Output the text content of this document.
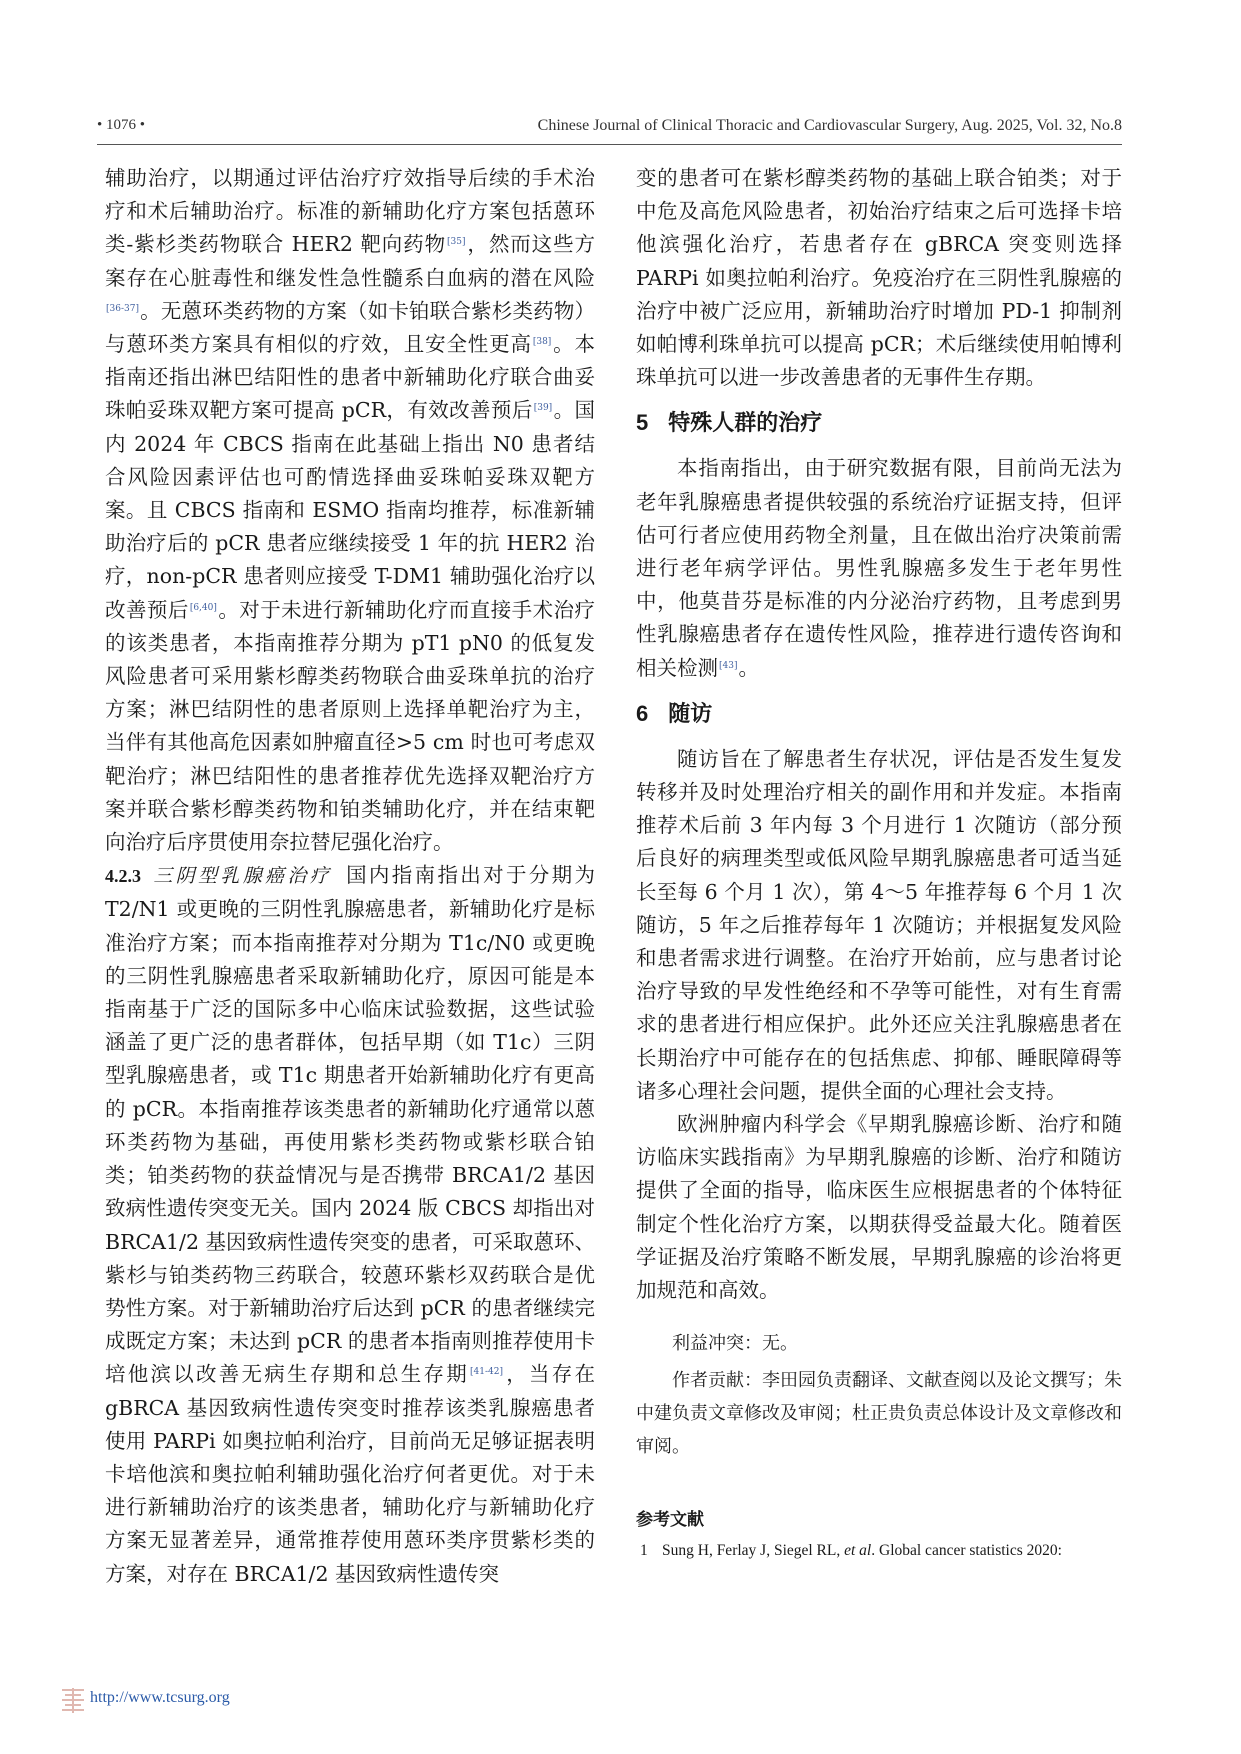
• 1076 •	Chinese Journal of Clinical Thoracic and Cardiovascular Surgery, Aug. 2025, Vol. 32, No.8

辅助治疗，以期通过评估治疗疗效指导后续的手术治疗和术后辅助治疗。标准的新辅助化疗方案包括蒽环类-紫杉类药物联合 HER2 靶向药物[35]，然而这些方案存在心脏毒性和继发性急性髓系白血病的潜在风险[36-37]。无蒽环类药物的方案（如卡铂联合紫杉类药物）与蒽环类方案具有相似的疗效，且安全性更高[38]。本指南还指出淋巴结阳性的患者中新辅助化疗联合曲妥珠帕妥珠双靶方案可提高 pCR，有效改善预后[39]。国内 2024 年 CBCS 指南在此基础上指出 N0 患者结合风险因素评估也可酌情选择曲妥珠帕妥珠双靶方案。且 CBCS 指南和 ESMO 指南均推荐，标准新辅助治疗后的 pCR 患者应继续接受 1 年的抗 HER2 治疗，non-pCR 患者则应接受 T-DM1 辅助强化治疗以改善预后[6,40]。对于未进行新辅助化疗而直接手术治疗的该类患者，本指南推荐分期为 pT1 pN0 的低复发风险患者可采用紫杉醇类药物联合曲妥珠单抗的治疗方案；淋巴结阴性的患者原则上选择单靶治疗为主，当伴有其他高危因素如肿瘤直径>5 cm 时也可考虑双靶治疗；淋巴结阳性的患者推荐优先选择双靶治疗方案并联合紫杉醇类药物和铂类辅助化疗，并在结束靶向治疗后序贯使用奈拉替尼强化治疗。

4.2.3 三阴型乳腺癌治疗 国内指南指出对于分期为 T2/N1 或更晚的三阴性乳腺癌患者，新辅助化疗是标准治疗方案；而本指南推荐对分期为 T1c/N0 或更晚的三阴性乳腺癌患者采取新辅助化疗，原因可能是本指南基于广泛的国际多中心临床试验数据，这些试验涵盖了更广泛的患者群体，包括早期（如 T1c）三阴型乳腺癌患者，或 T1c 期患者开始新辅助化疗有更高的 pCR。本指南推荐该类患者的新辅助化疗通常以蒽环类药物为基础，再使用紫杉类药物或紫杉联合铂类；铂类药物的获益情况与是否携带 BRCA1/2 基因致病性遗传突变无关。国内 2024 版 CBCS 却指出对 BRCA1/2 基因致病性遗传突变的患者，可采取蒽环、紫杉与铂类药物三药联合，较蒽环紫杉双药联合是优势性方案。对于新辅助治疗后达到 pCR 的患者继续完成既定方案；未达到 pCR 的患者本指南则推荐使用卡培他滨以改善无病生存期和总生存期[41-42]，当存在 gBRCA 基因致病性遗传突变时推荐该类乳腺癌患者使用 PARPi 如奥拉帕利治疗，目前尚无足够证据表明卡培他滨和奥拉帕利辅助强化治疗何者更优。对于未进行新辅助治疗的该类患者，辅助化疗与新辅助化疗方案无显著差异，通常推荐使用蒽环类序贯紫杉类的方案，对存在 BRCA1/2 基因致病性遗传突

变的患者可在紫杉醇类药物的基础上联合铂类；对于中危及高危风险患者，初始治疗结束之后可选择卡培他滨强化治疗，若患者存在 gBRCA 突变则选择 PARPi 如奥拉帕利治疗。免疫治疗在三阴性乳腺癌的治疗中被广泛应用，新辅助治疗时增加 PD-1 抑制剂如帕博利珠单抗可以提高 pCR；术后继续使用帕博利珠单抗可以进一步改善患者的无事件生存期。

5 特殊人群的治疗

本指南指出，由于研究数据有限，目前尚无法为老年乳腺癌患者提供较强的系统治疗证据支持，但评估可行者应使用药物全剂量，且在做出治疗决策前需进行老年病学评估。男性乳腺癌多发生于老年男性中，他莫昔芬是标准的内分泌治疗药物，且考虑到男性乳腺癌患者存在遗传性风险，推荐进行遗传咨询和相关检测[43]。

6 随访

随访旨在了解患者生存状况，评估是否发生复发转移并及时处理治疗相关的副作用和并发症。本指南推荐术后前 3 年内每 3 个月进行 1 次随访（部分预后良好的病理类型或低风险早期乳腺癌患者可适当延长至每 6 个月 1 次），第 4～5 年推荐每 6 个月 1 次随访，5 年之后推荐每年 1 次随访；并根据复发风险和患者需求进行调整。在治疗开始前，应与患者讨论治疗导致的早发性绝经和不孕等可能性，对有生育需求的患者进行相应保护。此外还应关注乳腺癌患者在长期治疗中可能存在的包括焦虑、抑郁、睡眠障碍等诸多心理社会问题，提供全面的心理社会支持。

欧洲肿瘤内科学会《早期乳腺癌诊断、治疗和随访临床实践指南》为早期乳腺癌的诊断、治疗和随访提供了全面的指导，临床医生应根据患者的个体特征制定个性化治疗方案，以期获得受益最大化。随着医学证据及治疗策略不断发展，早期乳腺癌的诊治将更加规范和高效。

利益冲突：无。

作者贡献：李田园负责翻译、文献查阅以及论文撰写；朱中建负责文章修改及审阅；杜正贵负责总体设计及文章修改和审阅。

参考文献
1 Sung H, Ferlay J, Siegel RL, et al. Global cancer statistics 2020:
http://www.tcsurg.org
